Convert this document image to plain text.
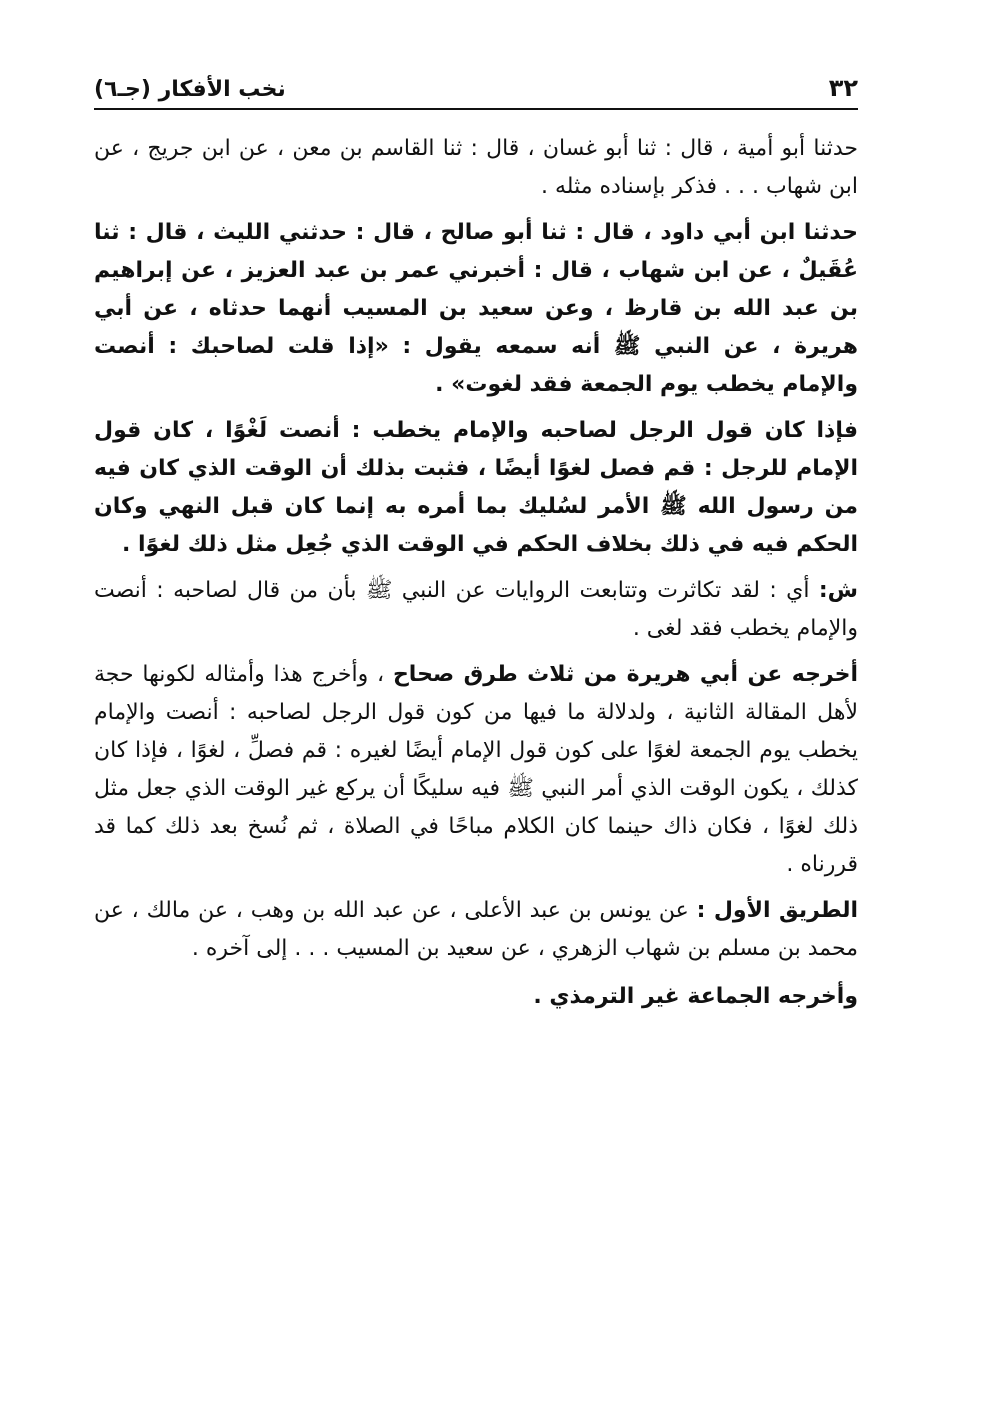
٣٢
نخب الأفكار (جـ٦)

حدثنا أبو أمية ، قال : ثنا أبو غسان ، قال : ثنا القاسم بن معن ، عن ابن جريج ، عن ابن شهاب . . . فذكر بإسناده مثله .

حدثنا ابن أبي داود ، قال : ثنا أبو صالح ، قال : حدثني الليث ، قال : ثنا عُقَيلٌ ، عن ابن شهاب ، قال : أخبرني عمر بن عبد العزيز ، عن إبراهيم بن عبد الله بن قارظ ، وعن سعيد بن المسيب أنهما حدثاه ، عن أبي هريرة ، عن النبي ﷺ أنه سمعه يقول : «إذا قلت لصاحبك : أنصت والإمام يخطب يوم الجمعة فقد لغوت» .

فإذا كان قول الرجل لصاحبه والإمام يخطب : أنصت لَغْوًا ، كان قول الإمام للرجل : قم فصل لغوًا أيضًا ، فثبت بذلك أن الوقت الذي كان فيه من رسول الله ﷺ الأمر لسُليك بما أمره به إنما كان قبل النهي وكان الحكم فيه في ذلك بخلاف الحكم في الوقت الذي جُعِل مثل ذلك لغوًا .

ش: أي : لقد تكاثرت وتتابعت الروايات عن النبي ﷺ بأن من قال لصاحبه : أنصت والإمام يخطب فقد لغى .

أخرجه عن أبي هريرة من ثلاث طرق صحاح ، وأخرج هذا وأمثاله لكونها حجة لأهل المقالة الثانية ، ولدلالة ما فيها من كون قول الرجل لصاحبه : أنصت والإمام يخطب يوم الجمعة لغوًا على كون قول الإمام أيضًا لغيره : قم فصلِّ ، لغوًا ، فإذا كان كذلك ، يكون الوقت الذي أمر النبي ﷺ فيه سليكًا أن يركع غير الوقت الذي جعل مثل ذلك لغوًا ، فكان ذاك حينما كان الكلام مباحًا في الصلاة ، ثم نُسخ بعد ذلك كما قد قررناه .

الطريق الأول : عن يونس بن عبد الأعلى ، عن عبد الله بن وهب ، عن مالك ، عن محمد بن مسلم بن شهاب الزهري ، عن سعيد بن المسيب . . . إلى آخره .

وأخرجه الجماعة غير الترمذي .
